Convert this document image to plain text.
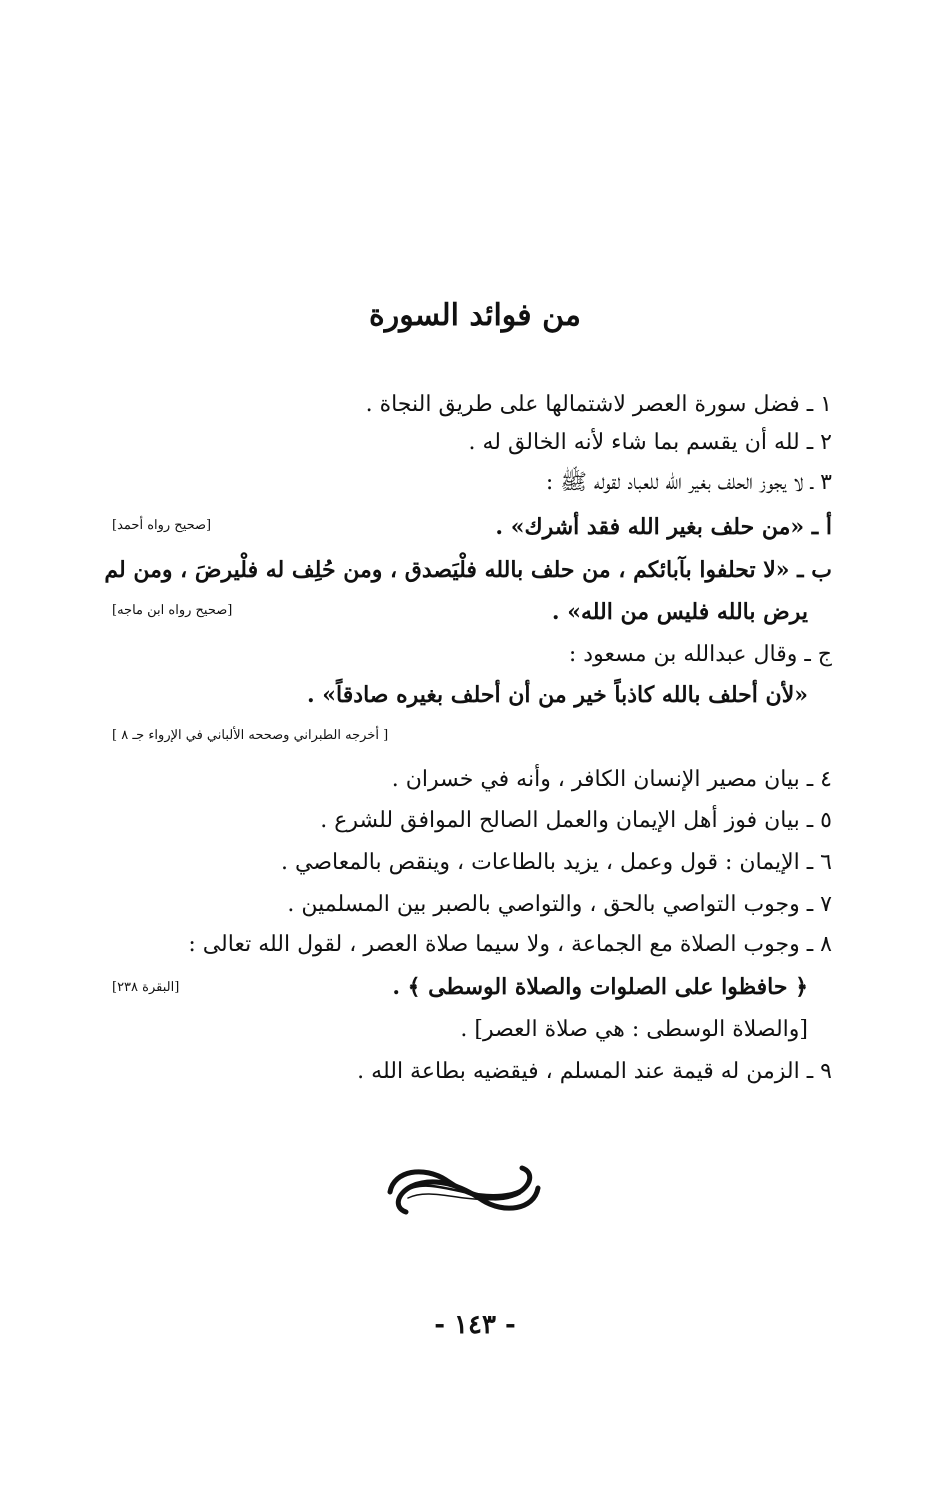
من فوائد السورة
١ ـ فضل سورة العصر لاشتمالها على طريق النجاة .
٢ ـ لله أن يقسم بما شاء لأنه الخالق له .
٣ ـ لا يجوز الحلف بغير الله للعباد لقوله ﷺ :
أ ـ «من حلف بغير الله فقد أشرك» .
[صحيح رواه أحمد]
ب ـ «لا تحلفوا بآبائكم ، من حلف بالله فلْيَصدق ، ومن حُلِف له فلْيرضَ ، ومن لم
يرض بالله فليس من الله» .
[صحيح رواه ابن ماجه]
ج ـ وقال عبدالله بن مسعود :
«لأن أحلف بالله كاذباً خير من أن أحلف بغيره صادقاً» .
[ أخرجه الطبراني وصححه الألباني في الإرواء جـ ٨ ]
٤ ـ بيان مصير الإنسان الكافر ، وأنه في خسران .
٥ ـ بيان فوز أهل الإيمان والعمل الصالح الموافق للشرع .
٦ ـ الإيمان : قول وعمل ، يزيد بالطاعات ، وينقص بالمعاصي .
٧ ـ وجوب التواصي بالحق ، والتواصي بالصبر بين المسلمين .
٨ ـ وجوب الصلاة مع الجماعة ، ولا سيما صلاة العصر ، لقول الله تعالى :
﴿ حافظوا على الصلوات والصلاة الوسطى ﴾ .
[البقرة ٢٣٨]
[والصلاة الوسطى : هي صلاة العصر] .
٩ ـ الزمن له قيمة عند المسلم ، فيقضيه بطاعة الله .
- ١٤٣ -
